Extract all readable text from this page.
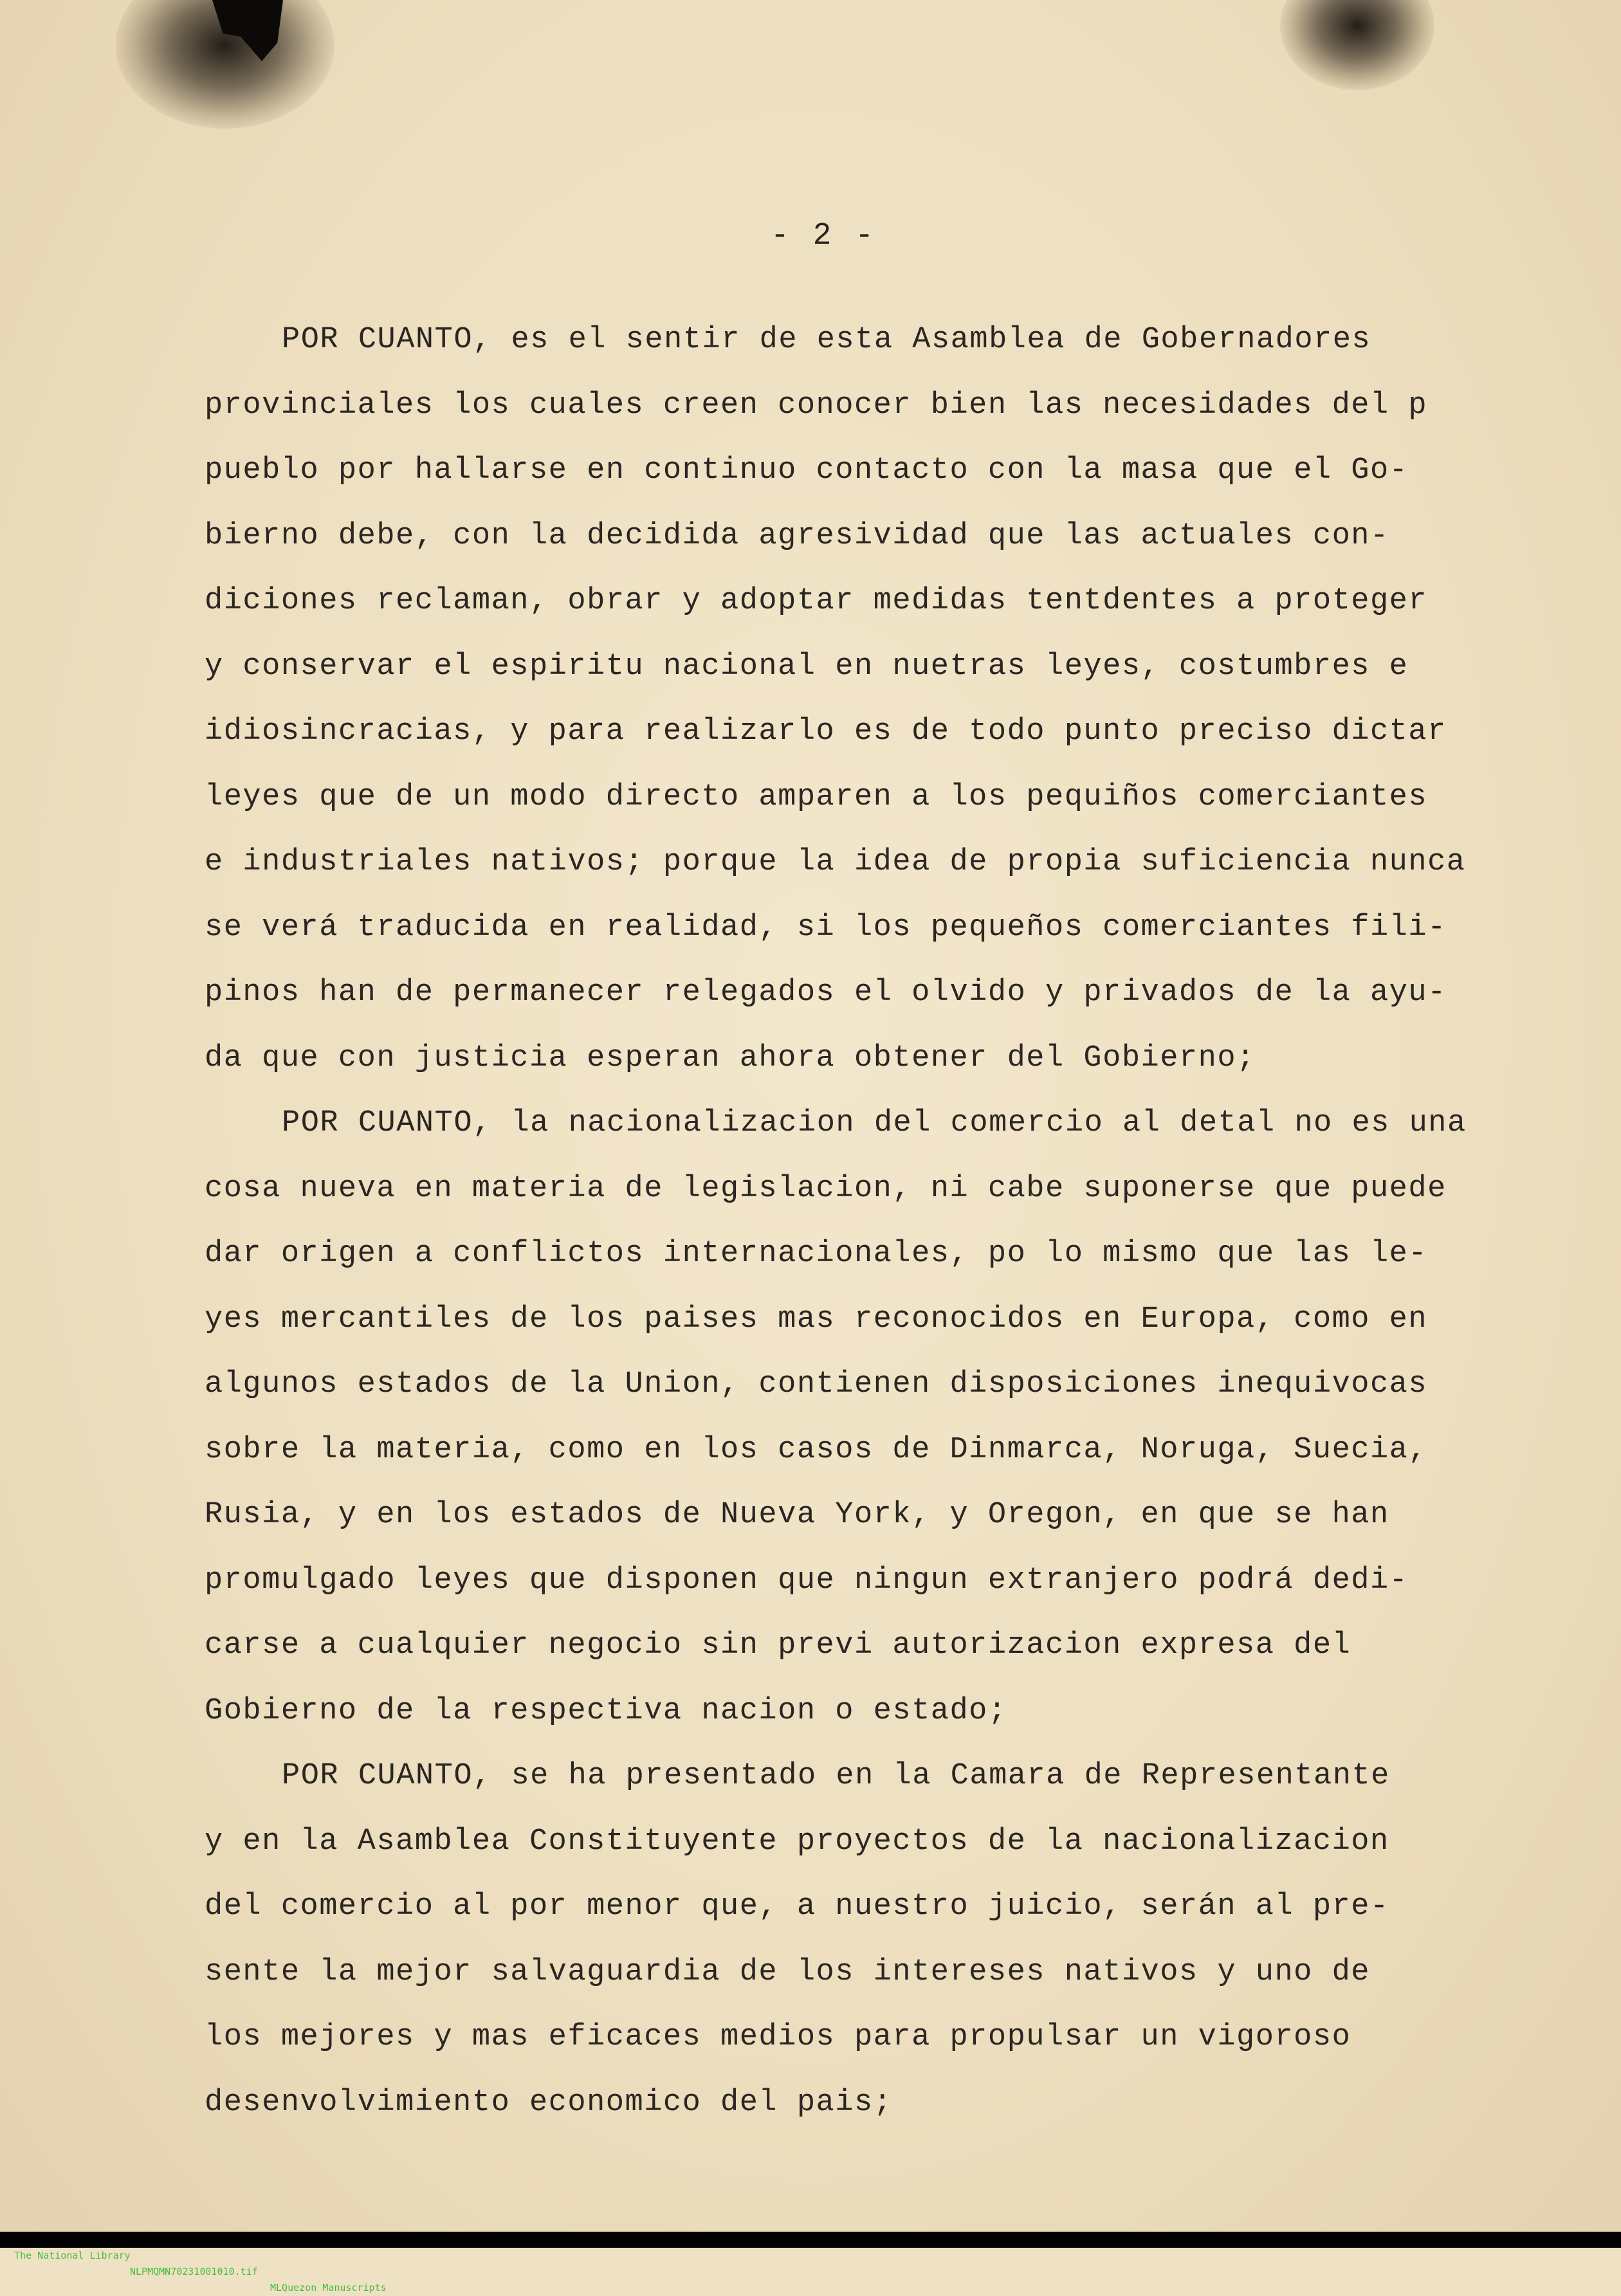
- 2 -
POR CUANTO, es el sentir de esta Asamblea de Gobernadores
provinciales los cuales creen conocer bien las necesidades del p
pueblo por hallarse en continuo contacto con la masa que el Go-
bierno debe, con la decidida agresividad que las actuales con-
diciones reclaman, obrar y adoptar medidas tentdentes a proteger
y conservar el espiritu nacional en nuetras leyes, costumbres e
idiosincracias, y para realizarlo es de todo punto preciso dictar
leyes que de un modo directo amparen a los pequiños comerciantes
e industriales nativos; porque la idea de propia suficiencia nunca
se verá traducida en realidad, si los pequeños comerciantes fili-
pinos han de permanecer relegados el olvido y privados de la ayu-
da que con justicia esperan ahora obtener del Gobierno;
POR CUANTO, la nacionalizacion del comercio al detal no es una
cosa nueva en materia de legislacion, ni cabe suponerse que puede
dar origen a conflictos internacionales, po lo mismo que las le-
yes mercantiles de los paises mas reconocidos en Europa, como en
algunos estados de la Union, contienen disposiciones inequivocas
sobre la materia, como en los casos de Dinmarca, Noruga, Suecia,
Rusia, y en los estados de Nueva York, y Oregon, en que se han
promulgado leyes que disponen que ningun extranjero podrá dedi-
carse a cualquier negocio sin previ autorizacion expresa del
Gobierno de la respectiva nacion o estado;
POR CUANTO, se ha presentado en la Camara de Representante
y en la Asamblea Constituyente proyectos de la nacionalizacion
del comercio al por menor que, a nuestro juicio, serán al pre-
sente la mejor salvaguardia de los intereses nativos y uno de
los mejores y mas eficaces medios para propulsar un vigoroso
desenvolvimiento economico del pais;

The National Library

NLPMQMN70231001010.tif

MLQuezon Manuscripts
